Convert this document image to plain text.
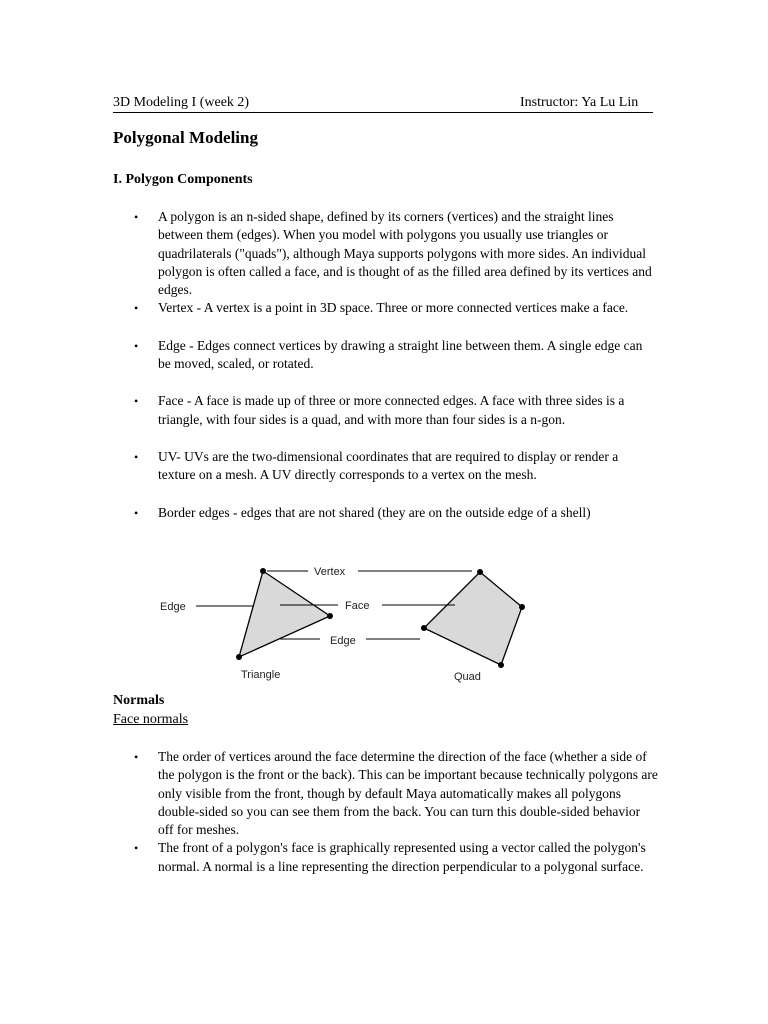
3D Modeling I (week 2)	Instructor: Ya Lu Lin
Polygonal Modeling
I. Polygon Components
• A polygon is an n-sided shape, defined by its corners (vertices) and the straight lines between them (edges). When you model with polygons you usually use triangles or quadrilaterals ("quads"), although Maya supports polygons with more sides. An individual polygon is often called a face, and is thought of as the filled area defined by its vertices and edges.
• Vertex - A vertex is a point in 3D space. Three or more connected vertices make a face.
• Edge - Edges connect vertices by drawing a straight line between them. A single edge can be moved, scaled, or rotated.
• Face - A face is made up of three or more connected edges. A face with three sides is a triangle, with four sides is a quad, and with more than four sides is a n-gon.
• UV- UVs are the two-dimensional coordinates that are required to display or render a texture on a mesh. A UV directly corresponds to a vertex on the mesh.
• Border edges - edges that are not shared (they are on the outside edge of a shell)
Vertex
Edge	Face
Edge
Triangle	Quad
Normals
Face normals
• The order of vertices around the face determine the direction of the face (whether a side of the polygon is the front or the back). This can be important because technically polygons are only visible from the front, though by default Maya automatically makes all polygons double-sided so you can see them from the back. You can turn this double-sided behavior off for meshes.
• The front of a polygon's face is graphically represented using a vector called the polygon's normal. A normal is a line representing the direction perpendicular to a polygonal surface.
